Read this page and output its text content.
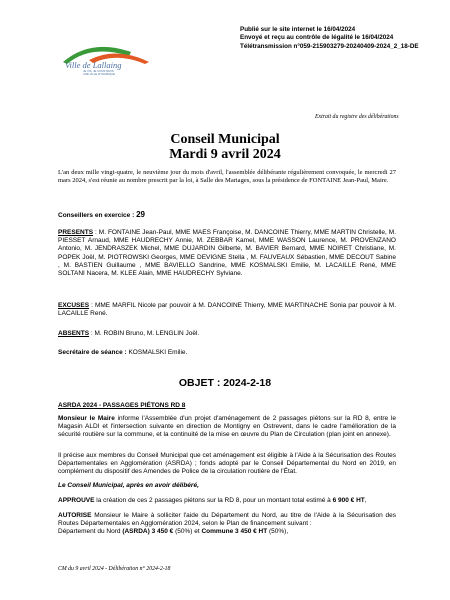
Publié sur le site internet le 16/04/2024
Envoyé et reçu au contrôle de légalité le 16/04/2024
Télétransmission n°059-215903279-20240409-2024_2_18-DE
Ville de Lallaing
JE VIS, JE CONSTRUIS
UNE VILLE DYNAMIQUE
Extrait du registre des délibérations
Conseil Municipal
Mardi 9 avril 2024
L'an deux mille vingt-quatre, le neuvième jour du mois d'avril, l'assemblée délibérante régulièrement convoquée, le mercredi 27 mars 2024, s'est réunie au nombre prescrit par la loi, à Salle des Mariages, sous la présidence de FONTAINE Jean-Paul, Maire.
Conseillers en exercice : 29
PRESENTS : M. FONTAINE Jean-Paul, MME MAES Françoise, M. DANCOINE Thierry, MME MARTIN Christelle, M. PIESSET Arnaud, MME HAUDRECHY Annie, M. ZEBBAR Kamel, MME WASSON Laurence, M. PROVENZANO Antonio, M. JENDRASZEK Michel, MME DUJARDIN Gilberte, M. BAVIER Bernard, MME NOIRET Christiane, M. POPEK Joël, M. PIOTROWSKI Georges, MME DEVIGNE Stella , M. FAUVEAUX Sébastien, MME DECOUT Sabine , M. BASTIEN Guillaume , MME BAVIELLO Sandrine, MME KOSMALSKI Emilie, M. LACAILLE René, MME SOLTANI Nacera, M. KLEE Alain, MME HAUDRECHY Sylviane.
EXCUSES : MME MARFIL Nicole par pouvoir à M. DANCOINE Thierry, MME MARTINACHE Sonia par pouvoir à M. LACAILLE René.
ABSENTS : M. ROBIN Bruno, M. LENGLIN Joël.
Secrétaire de séance : KOSMALSKI Emilie.
OBJET : 2024-2-18
ASRDA 2024 - PASSAGES PIÉTONS RD 8
Monsieur le Maire informe l'Assemblée d'un projet d'aménagement de 2 passages piétons sur la RD 8, entre le Magasin ALDI et l'intersection suivante en direction de Montigny en Ostrevent, dans le cadre l'amélioration de la sécurité routière sur la commune, et la continuité de la mise en œuvre du Plan de Circulation (plan joint en annexe).
Il précise aux membres du Conseil Municipal que cet aménagement est éligible à l'Aide à la Sécurisation des Routes Départementales en Agglomération (ASRDA) ; fonds adopté par le Conseil Départemental du Nord en 2019, en complément du dispositif des Amendes de Police de la circulation routière de l'État.
Le Conseil Municipal, après en avoir délibéré,
APPROUVE la création de ces 2 passages piétons sur la RD 8, pour un montant total estimé à 6 900 € HT,
AUTORISE Monsieur le Maire à solliciter l'aide du Département du Nord, au titre de l'Aide à la Sécurisation des Routes Départementales en Agglomération 2024, selon le Plan de financement suivant :
Département du Nord (ASRDA) 3 450 € (50%) et Commune 3 450 € HT (50%),
CM du 9 avril 2024 - Délibération n° 2024-2-18
